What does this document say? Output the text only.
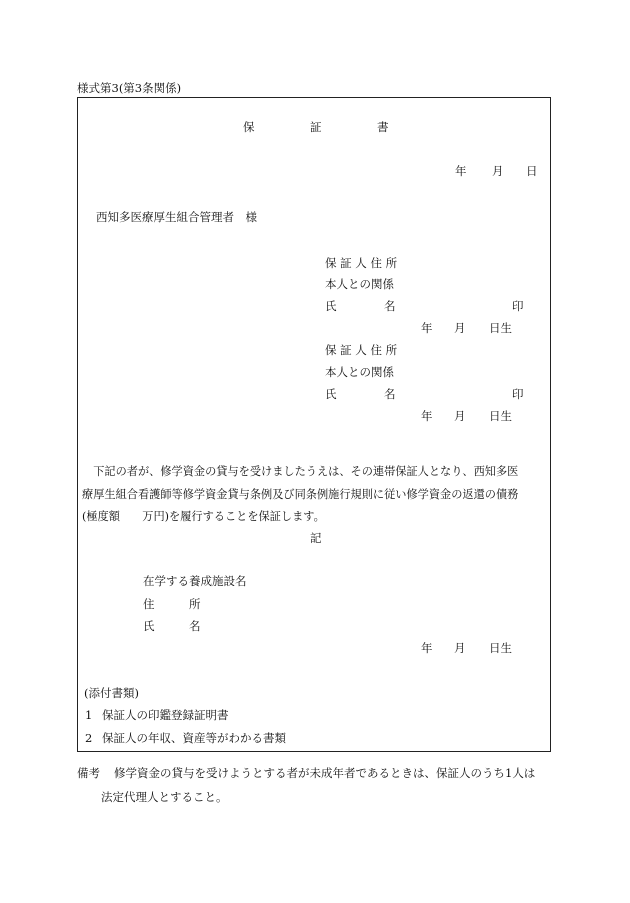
様式第3(第3条関係)
保	証	書
年 月 日
西知多医療厚生組合管理者　様
保 証 人 住 所
本人との関係
氏	名	印
年 月 日生
保 証 人 住 所
本人との関係
氏	名	印
年 月 日生
　下記の者が、修学資金の貸与を受けましたうえは、その連帯保証人となり、西知多医
療厚生組合看護師等修学資金貸与条例及び同条例施行規則に従い修学資金の返還の債務
(極度額　　万円)を履行することを保証します。
記
在学する養成施設名
住	所
氏	名
年 月 日生
(添付書類)
1 保証人の印鑑登録証明書
2 保証人の年収、資産等がわかる書類
備考 修学資金の貸与を受けようとする者が未成年者であるときは、保証人のうち1人は
法定代理人とすること。
